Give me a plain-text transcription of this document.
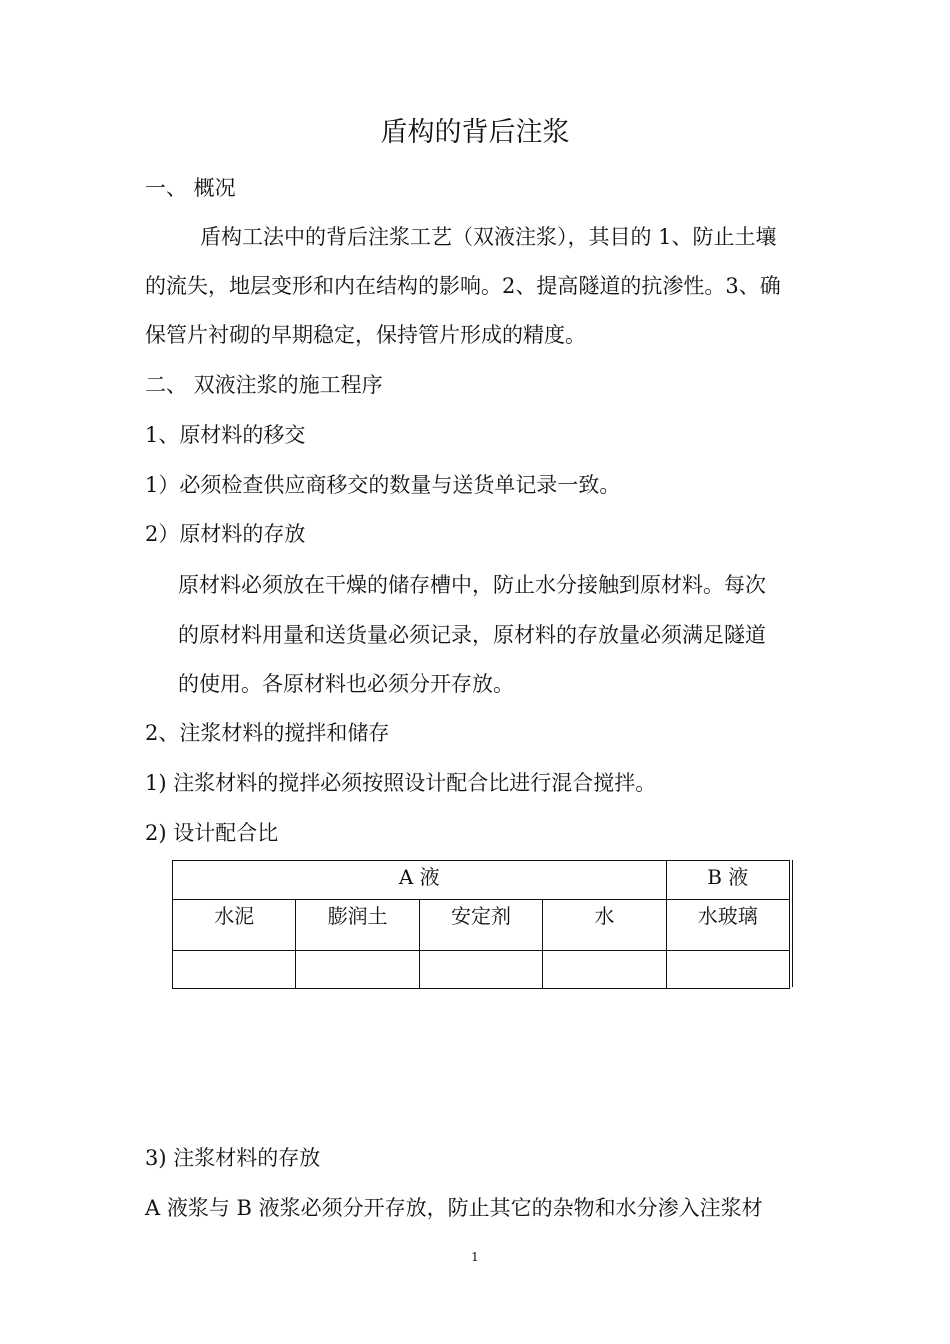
盾构的背后注浆
一、 概况
盾构工法中的背后注浆工艺（双液注浆），其目的 1、防止土壤
的流失，地层变形和内在结构的影响。2、提高隧道的抗渗性。3、确
保管片衬砌的早期稳定，保持管片形成的精度。
二、 双液注浆的施工程序
1、原材料的移交
1）必须检查供应商移交的数量与送货单记录一致。
2）原材料的存放
原材料必须放在干燥的储存槽中，防止水分接触到原材料。每次
的原材料用量和送货量必须记录，原材料的存放量必须满足隧道
的使用。各原材料也必须分开存放。
2、注浆材料的搅拌和储存
1) 注浆材料的搅拌必须按照设计配合比进行混合搅拌。
2) 设计配合比
A 液				B 液
水泥	膨润土	安定剂	水	水玻璃

3) 注浆材料的存放
A 液浆与 B 液浆必须分开存放，防止其它的杂物和水分渗入注浆材
1
